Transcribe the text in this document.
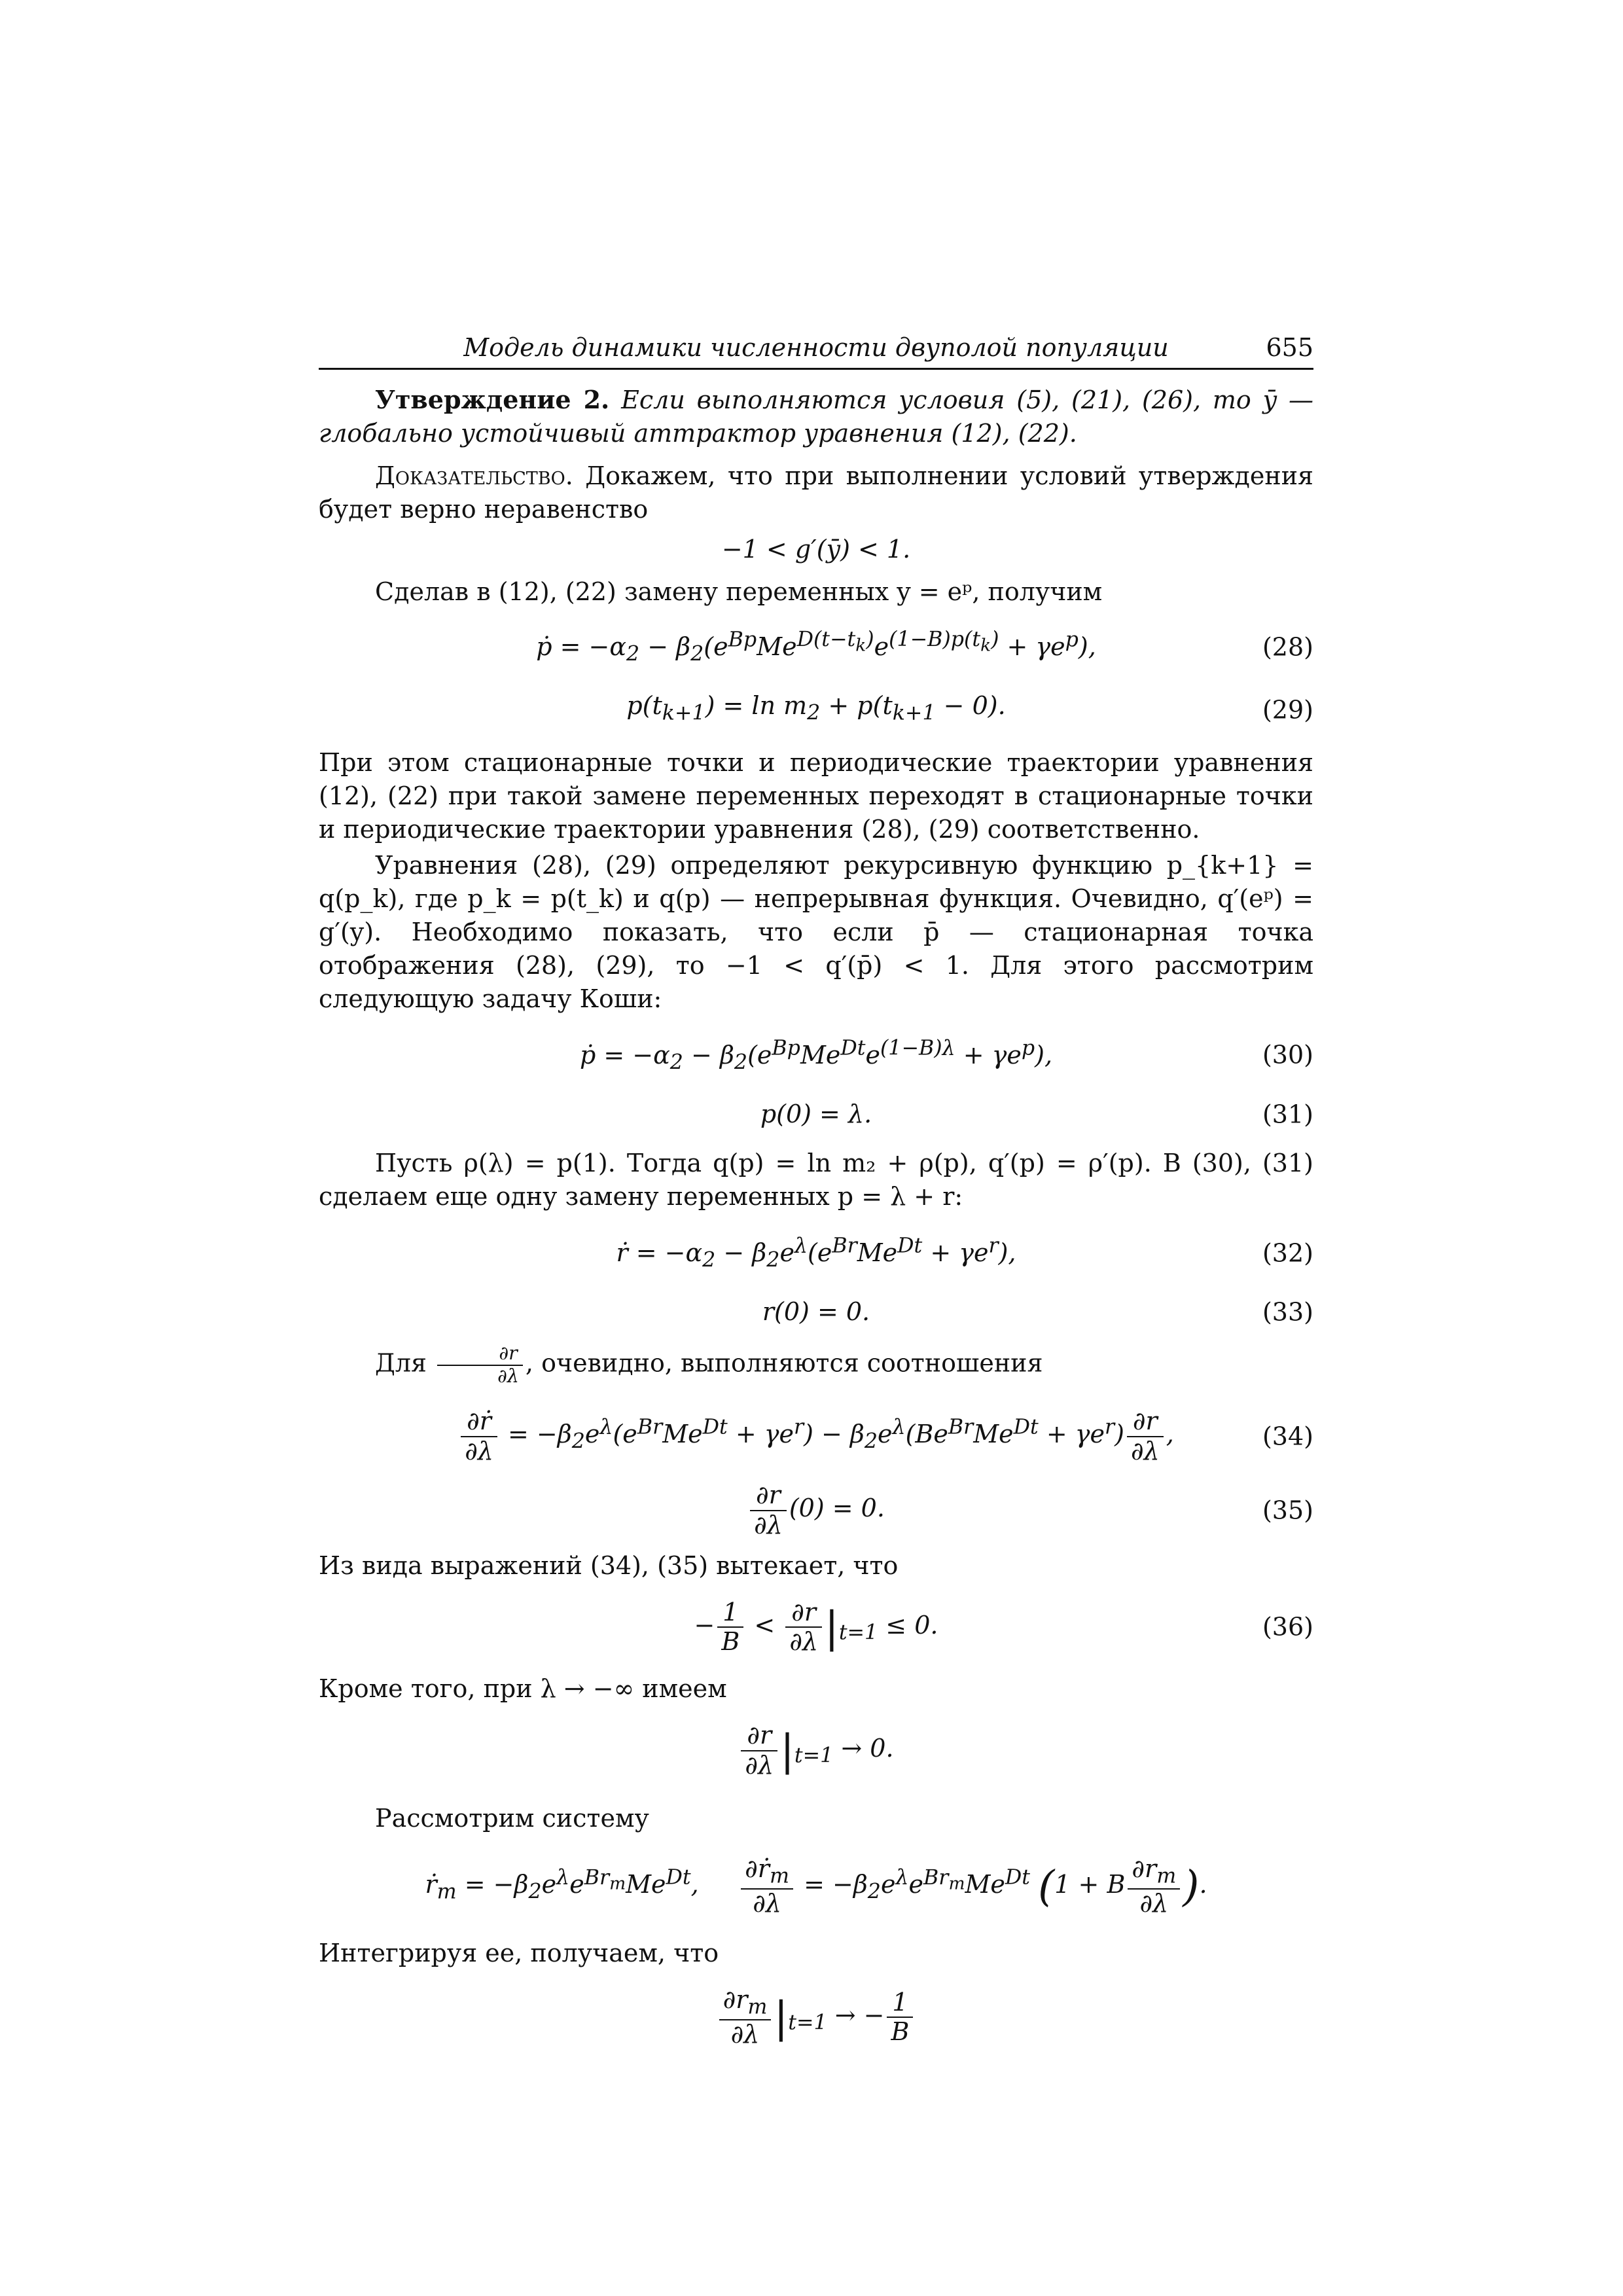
Модель динамики численности двуполой популяции	655

Утверждение 2. Если выполняются условия (5), (21), (26), то ȳ — глобально устойчивый аттрактор уравнения (12), (22).

Доказательство. Докажем, что при выполнении условий утверждения будет верно неравенство

−1 < g′(ȳ) < 1.

Сделав в (12), (22) замену переменных y = eᵖ, получим

ṗ = $-\alpha_2 - \beta_2(e^{Bp}Me^{D(t-t_k)}e^{(1-B)p(t_k)} + \gamma e^p)$,	(28)
$p(t_{k+1}) = \ln m_2 + p(t_{k+1} - 0)$.	(29)

При этом стационарные точки и периодические траектории уравнения (12), (22) при такой замене переменных переходят в стационарные точки и периодические траектории уравнения (28), (29) соответственно.

Уравнения (28), (29) определяют рекурсивную функцию p_{k+1} = q(p_k), где p_k = p(t_k) и q(p) — непрерывная функция. Очевидно, q′(eᵖ) = g′(y). Необходимо показать, что если p̄ — стационарная точка отображения (28), (29), то −1 < q′(p̄) < 1. Для этого рассмотрим следующую задачу Коши:

ṗ = $-\alpha_2 - \beta_2(e^{Bp}Me^{Dt}e^{(1-B)\lambda} + \gamma e^p)$,	(30)
p(0) = λ.	(31)

Пусть ρ(λ) = p(1). Тогда q(p) = ln m₂ + ρ(p), q′(p) = ρ′(p). В (30), (31) сделаем еще одну замену переменных p = λ + r:

ṙ = $-\alpha_2 - \beta_2e^\lambda(e^{Br}Me^{Dt} + \gamma e^r)$,	(32)
r(0) = 0.	(33)

Для $\frac{\partial r}{\partial\lambda}$ , очевидно, выполняются соотношения

$\frac{\text{∂ṙ}}{\partial\lambda} = -\beta_2e^\lambda(e^{Br}Me^{Dt} + \gamma e^r) - \beta_2e^\lambda(Be^{Br}Me^{Dt} + \gamma e^r) \frac{\partial r}{\partial\lambda}$ ,	(34)
$\frac{\partial r}{\partial\lambda} (0) = 0$.	(35)

Из вида выражений (34), (35) вытекает, что

− $\frac{1}{B} < \frac{\partial r}{\partial\lambda} |_{t=1} \le 0$.	(36)

Кроме того, при λ → −∞ имеем

$\frac{\partial r}{\partial\lambda} |_{t=1} \to 0$.

Рассмотрим систему

ṙ$_m$ = $-\beta_2e^\lambda e^{Br_m}Me^{Dt}$, $\frac{\partial ṙ_m}{\partial\lambda} = -\beta_2e^\lambda e^{Br_m}Me^{Dt}$ (1 + B $\frac{\partial r_m}{\partial\lambda}$ ).

Интегрируя ее, получаем, что

$\frac{\partial r_m}{\partial\lambda} |_{t=1}$ → − $\frac{1}{B}$
